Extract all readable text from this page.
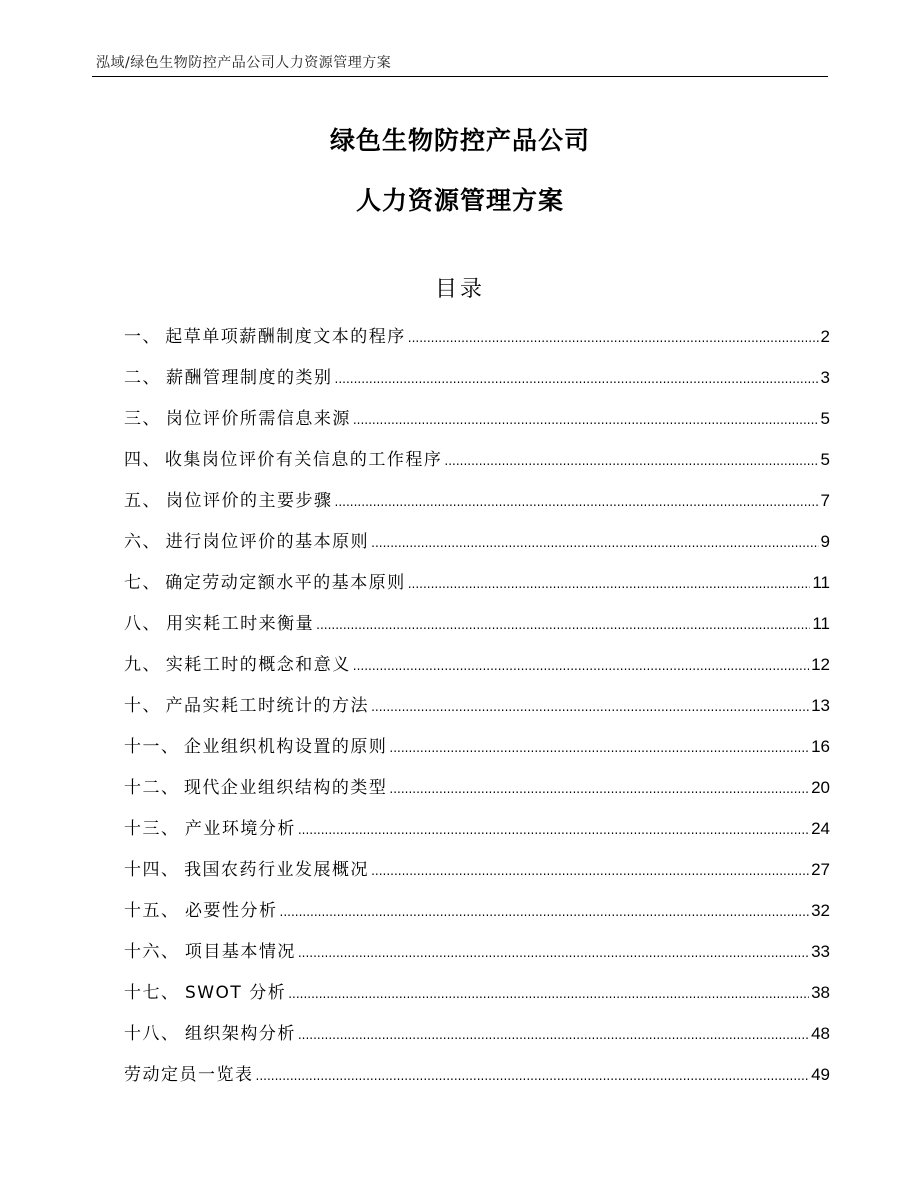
泓域/绿色生物防控产品公司人力资源管理方案
绿色生物防控产品公司
人力资源管理方案
目录
一、 起草单项薪酬制度文本的程序 .....	2
二、 薪酬管理制度的类别 .....	3
三、 岗位评价所需信息来源 .....	5
四、 收集岗位评价有关信息的工作程序 .....	5
五、 岗位评价的主要步骤 .....	7
六、 进行岗位评价的基本原则 .....	9
七、 确定劳动定额水平的基本原则 .....	11
八、 用实耗工时来衡量 .....	11
九、 实耗工时的概念和意义 .....	12
十、 产品实耗工时统计的方法 .....	13
十一、 企业组织机构设置的原则 .....	16
十二、 现代企业组织结构的类型 .....	20
十三、 产业环境分析 .....	24
十四、 我国农药行业发展概况 .....	27
十五、 必要性分析 .....	32
十六、 项目基本情况 .....	33
十七、 SWOT 分析 .....	38
十八、 组织架构分析 .....	48
劳动定员一览表 .....	49
